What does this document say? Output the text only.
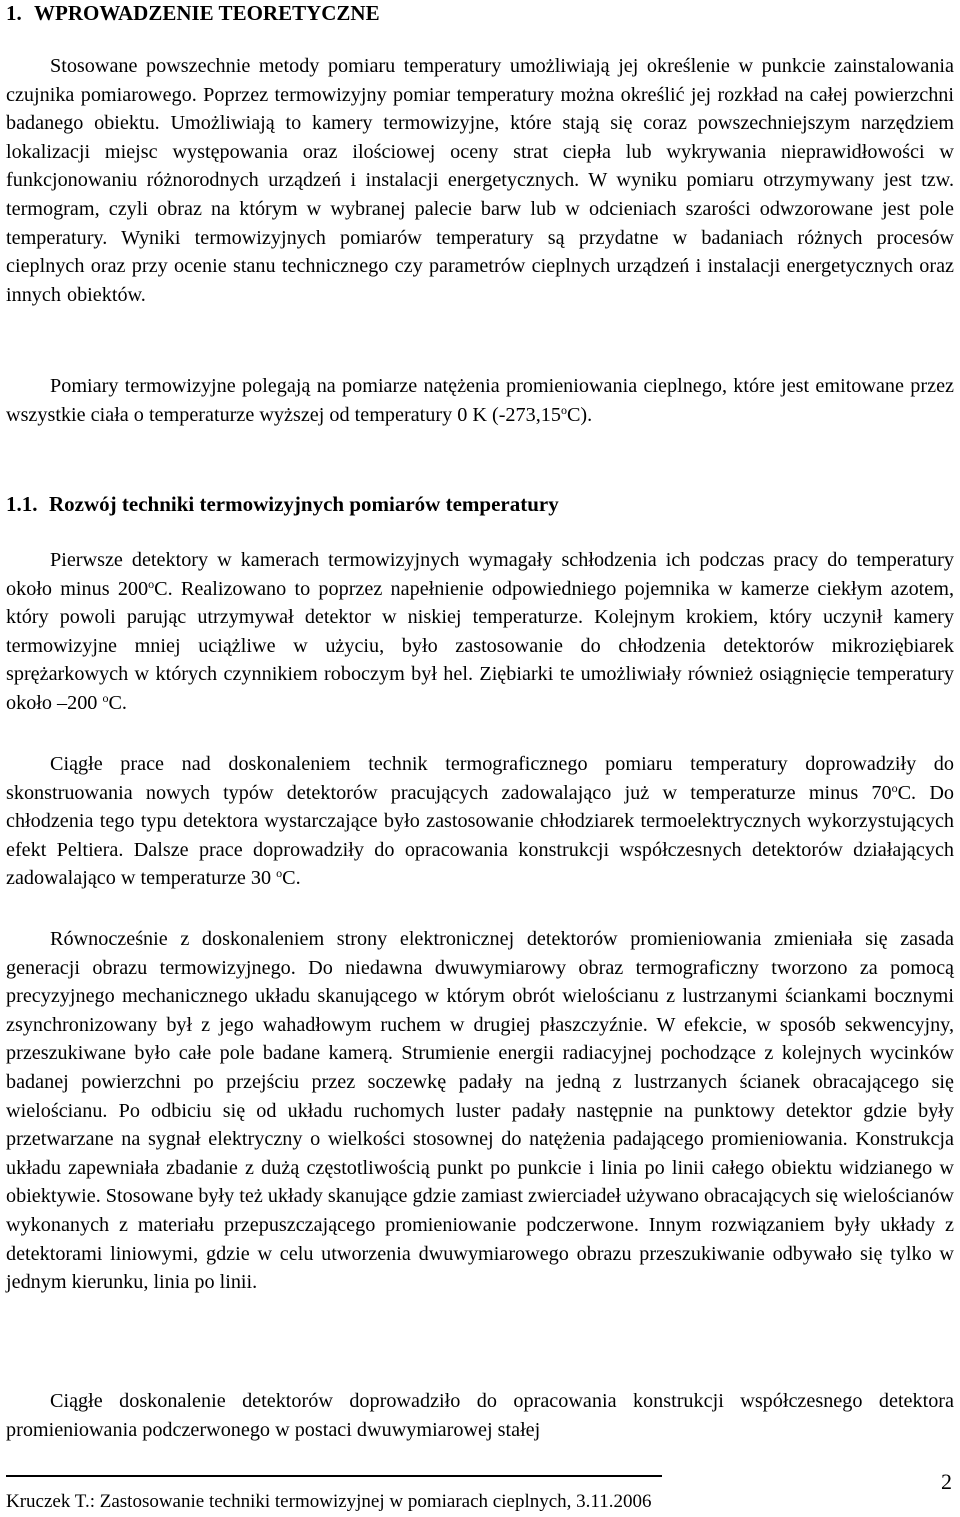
1. WPROWADZENIE TEORETYCZNE

Stosowane powszechnie metody pomiaru temperatury umożliwiają jej określenie w punkcie zainstalowania czujnika pomiarowego. Poprzez termowizyjny pomiar temperatury można określić jej rozkład na całej powierzchni badanego obiektu. Umożliwiają to kamery termowizyjne, które stają się coraz powszechniejszym narzędziem lokalizacji miejsc występowania oraz ilościowej oceny strat ciepła lub wykrywania nieprawidłowości w funkcjonowaniu różnorodnych urządzeń i instalacji energetycznych. W wyniku pomiaru otrzymywany jest tzw. termogram, czyli obraz na którym w wybranej palecie barw lub w odcieniach szarości odwzorowane jest pole temperatury. Wyniki termowizyjnych pomiarów temperatury są przydatne w badaniach różnych procesów cieplnych oraz przy ocenie stanu technicznego czy parametrów cieplnych urządzeń i instalacji energetycznych oraz innych obiektów.

Pomiary termowizyjne polegają na pomiarze natężenia promieniowania cieplnego, które jest emitowane przez wszystkie ciała o temperaturze wyższej od temperatury 0 K (-273,15$^o$C).

1.1. Rozwój techniki termowizyjnych pomiarów temperatury

Pierwsze detektory w kamerach termowizyjnych wymagały schłodzenia ich podczas pracy do temperatury około minus 200$^o$C. Realizowano to poprzez napełnienie odpowiedniego pojemnika w kamerze ciekłym azotem, który powoli parując utrzymywał detektor w niskiej temperaturze. Kolejnym krokiem, który uczynił kamery termowizyjne mniej uciążliwe w użyciu, było zastosowanie do chłodzenia detektorów mikroziębiarek sprężarkowych w których czynnikiem roboczym był hel. Ziębiarki te umożliwiały również osiągnięcie temperatury około –200 $^o$C.

Ciągłe prace nad doskonaleniem technik termograficznego pomiaru temperatury doprowadziły do skonstruowania nowych typów detektorów pracujących zadowalająco już w temperaturze minus 70$^o$C. Do chłodzenia tego typu detektora wystarczające było zastosowanie chłodziarek termoelektrycznych wykorzystujących efekt Peltiera. Dalsze prace doprowadziły do opracowania konstrukcji współczesnych detektorów działających zadowalająco w temperaturze 30 $^o$C.

Równocześnie z doskonaleniem strony elektronicznej detektorów promieniowania zmieniała się zasada generacji obrazu termowizyjnego. Do niedawna dwuwymiarowy obraz termograficzny tworzono za pomocą precyzyjnego mechanicznego układu skanującego w którym obrót wielościanu z lustrzanymi ściankami bocznymi zsynchronizowany był z jego wahadłowym ruchem w drugiej płaszczyźnie. W efekcie, w sposób sekwencyjny, przeszukiwane było całe pole badane kamerą. Strumienie energii radiacyjnej pochodzące z kolejnych wycinków badanej powierzchni po przejściu przez soczewkę padały na jedną z lustrzanych ścianek obracającego się wielościanu. Po odbiciu się od układu ruchomych luster padały następnie na punktowy detektor gdzie były przetwarzane na sygnał elektryczny o wielkości stosownej do natężenia padającego promieniowania. Konstrukcja układu zapewniała zbadanie z dużą częstotliwością punkt po punkcie i linia po linii całego obiektu widzianego w obiektywie. Stosowane były też układy skanujące gdzie zamiast zwierciadeł używano obracających się wielościanów wykonanych z materiału przepuszczającego promieniowanie podczerwone. Innym rozwiązaniem były układy z detektorami liniowymi, gdzie w celu utworzenia dwuwymiarowego obrazu przeszukiwanie odbywało się tylko w jednym kierunku, linia po linii.

Ciągłe doskonalenie detektorów doprowadziło do opracowania konstrukcji współczesnego detektora promieniowania podczerwonego w postaci dwuwymiarowej stałej

2
Kruczek T.: Zastosowanie techniki termowizyjnej w pomiarach cieplnych, 3.11.2006
